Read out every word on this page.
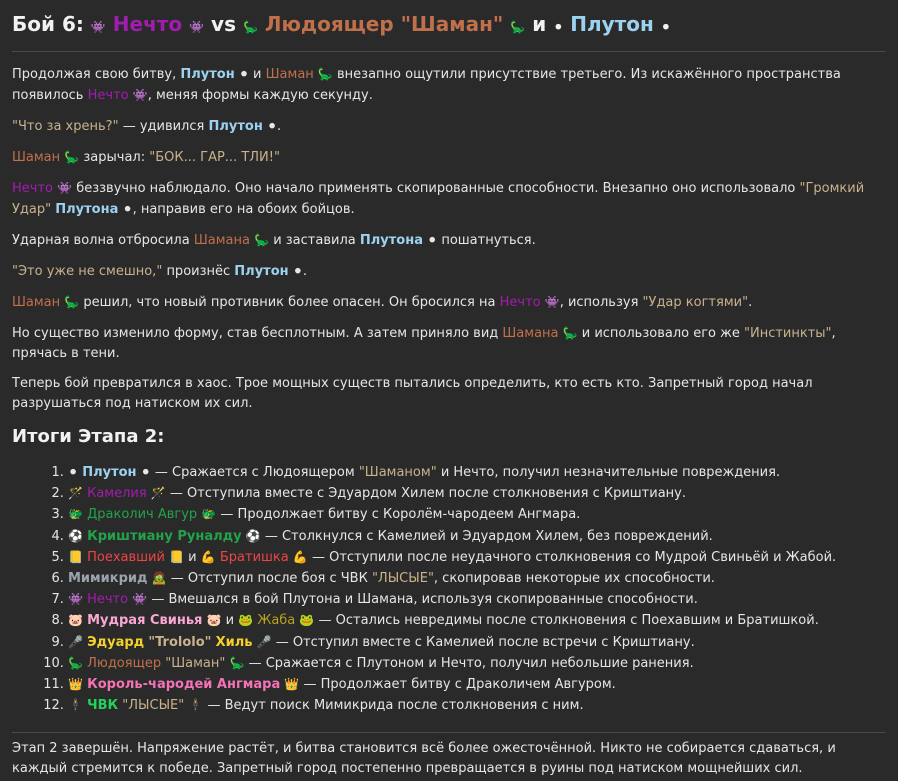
Бой 6: 👾 Нечто 👾 vs 🦕 Людоящер "Шаман" 🦕 и ⚫ Плутон ⚫

Продолжая свою битву, Плутон ⚫ и Шаман 🦕 внезапно ощутили присутствие третьего. Из искажённого пространства появилось Нечто 👾, меняя формы каждую секунду.

"Что за хрень?" — удивился Плутон ⚫.

Шаман 🦕 зарычал: "БОК... ГАР... ТЛИ!"

Нечто 👾 беззвучно наблюдало. Оно начало применять скопированные способности. Внезапно оно использовало "Громкий Удар" Плутона ⚫, направив его на обоих бойцов.

Ударная волна отбросила Шамана 🦕 и заставила Плутона ⚫ пошатнуться.

"Это уже не смешно," произнёс Плутон ⚫.

Шаман 🦕 решил, что новый противник более опасен. Он бросился на Нечто 👾, используя "Удар когтями".

Но существо изменило форму, став бесплотным. А затем приняло вид Шамана 🦕 и использовало его же "Инстинкты", прячась в тени.

Теперь бой превратился в хаос. Трое мощных существ пытались определить, кто есть кто. Запретный город начал разрушаться под натиском их сил.

Итоги Этапа 2:
1. ⚫ Плутон ⚫ — Сражается с Людоящером "Шаманом" и Нечто, получил незначительные повреждения.
2. 🪄 Камелия 🪄 — Отступила вместе с Эдуардом Хилем после столкновения с Криштиану.
3. 🐲 Драколич Авгур 🐲 — Продолжает битву с Королём-чародеем Ангмара.
4. ⚽ Криштиану Руналду ⚽ — Столкнулся с Камелией и Эдуардом Хилем, без повреждений.
5. 📒 Поехавший 📒 и 💪 Братишка 💪 — Отступили после неудачного столкновения со Мудрой Свиньёй и Жабой.
6. Мимикрид 🧟 — Отступил после боя с ЧВК "ЛЫСЫЕ", скопировав некоторые их способности.
7. 👾 Нечто 👾 — Вмешался в бой Плутона и Шамана, используя скопированные способности.
8. 🐷 Мудрая Свинья 🐷 и 🐸 Жаба 🐸 — Остались невредимы после столкновения с Поехавшим и Братишкой.
9. 🎤 Эдуард "Trololo" Хиль 🎤 — Отступил вместе с Камелией после встречи с Криштиану.
10. 🦕 Людоящер "Шаман" 🦕 — Сражается с Плутоном и Нечто, получил небольшие ранения.
11. 👑 Король-чародей Ангмара 👑 — Продолжает битву с Драколичем Авгуром.
12. 🕴 ЧВК "ЛЫСЫЕ" 🕴 — Ведут поиск Мимикрида после столкновения с ним.

Этап 2 завершён. Напряжение растёт, и битва становится всё более ожесточённой. Никто не собирается сдаваться, и каждый стремится к победе. Запретный город постепенно превращается в руины под натиском мощнейших сил.
